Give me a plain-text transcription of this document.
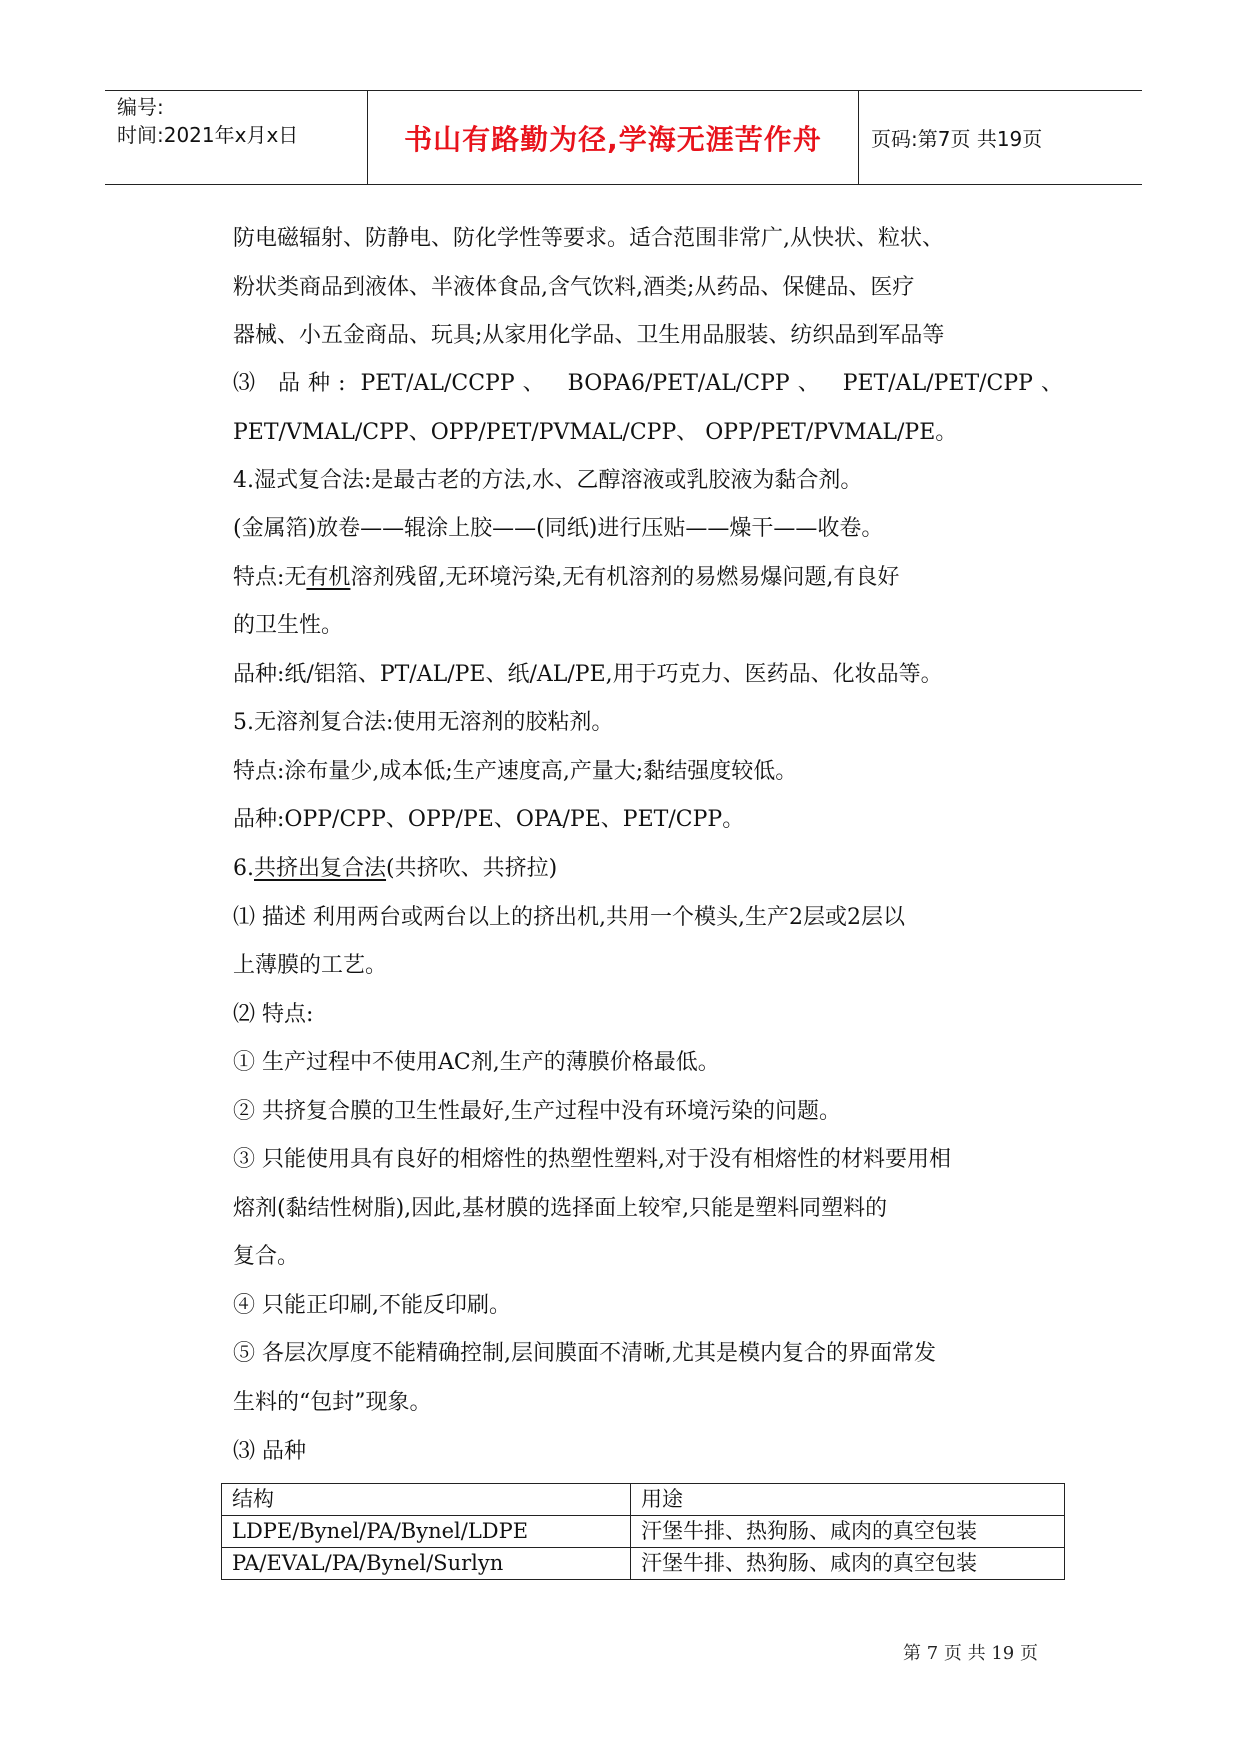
编号:
时间:2021年x月x日	书山有路勤为径,学海无涯苦作舟	页码:第7页 共19页
防电磁辐射、防静电、防化学性等要求。适合范围非常广,从快状、粒状、
粉状类商品到液体、半液体食品,含气饮料,酒类;从药品、保健品、医疗
器械、小五金商品、玩具;从家用化学品、卫生用品服装、纺织品到军品等
⑶ 品种: PET/AL/CCPP、 BOPA6/PET/AL/CPP、 PET/AL/PET/CPP、
PET/VMAL/CPP、OPP/PET/PVMAL/CPP、 OPP/PET/PVMAL/PE。
4.湿式复合法:是最古老的方法,水、乙醇溶液或乳胶液为黏合剂。
(金属箔)放卷——辊涂上胶——(同纸)进行压贴——燥干——收卷。
特点:无有机溶剂残留,无环境污染,无有机溶剂的易燃易爆问题,有良好
的卫生性。
品种:纸/铝箔、PT/AL/PE、纸/AL/PE,用于巧克力、医药品、化妆品等。
5.无溶剂复合法:使用无溶剂的胶粘剂。
特点:涂布量少,成本低;生产速度高,产量大;黏结强度较低。
品种:OPP/CPP、OPP/PE、OPA/PE、PET/CPP。
6.共挤出复合法(共挤吹、共挤拉)
⑴ 描述 利用两台或两台以上的挤出机,共用一个模头,生产2层或2层以
上薄膜的工艺。
⑵ 特点:
① 生产过程中不使用AC剂,生产的薄膜价格最低。
② 共挤复合膜的卫生性最好,生产过程中没有环境污染的问题。
③ 只能使用具有良好的相熔性的热塑性塑料,对于没有相熔性的材料要用相
熔剂(黏结性树脂),因此,基材膜的选择面上较窄,只能是塑料同塑料的
复合。
④ 只能正印刷,不能反印刷。
⑤ 各层次厚度不能精确控制,层间膜面不清晰,尤其是模内复合的界面常发
生料的“包封”现象。
⑶ 品种
结构	用途
LDPE/Bynel/PA/Bynel/LDPE	汗堡牛排、热狗肠、咸肉的真空包装
PA/EVAL/PA/Bynel/Surlyn	汗堡牛排、热狗肠、咸肉的真空包装
第 7 页 共 19 页
